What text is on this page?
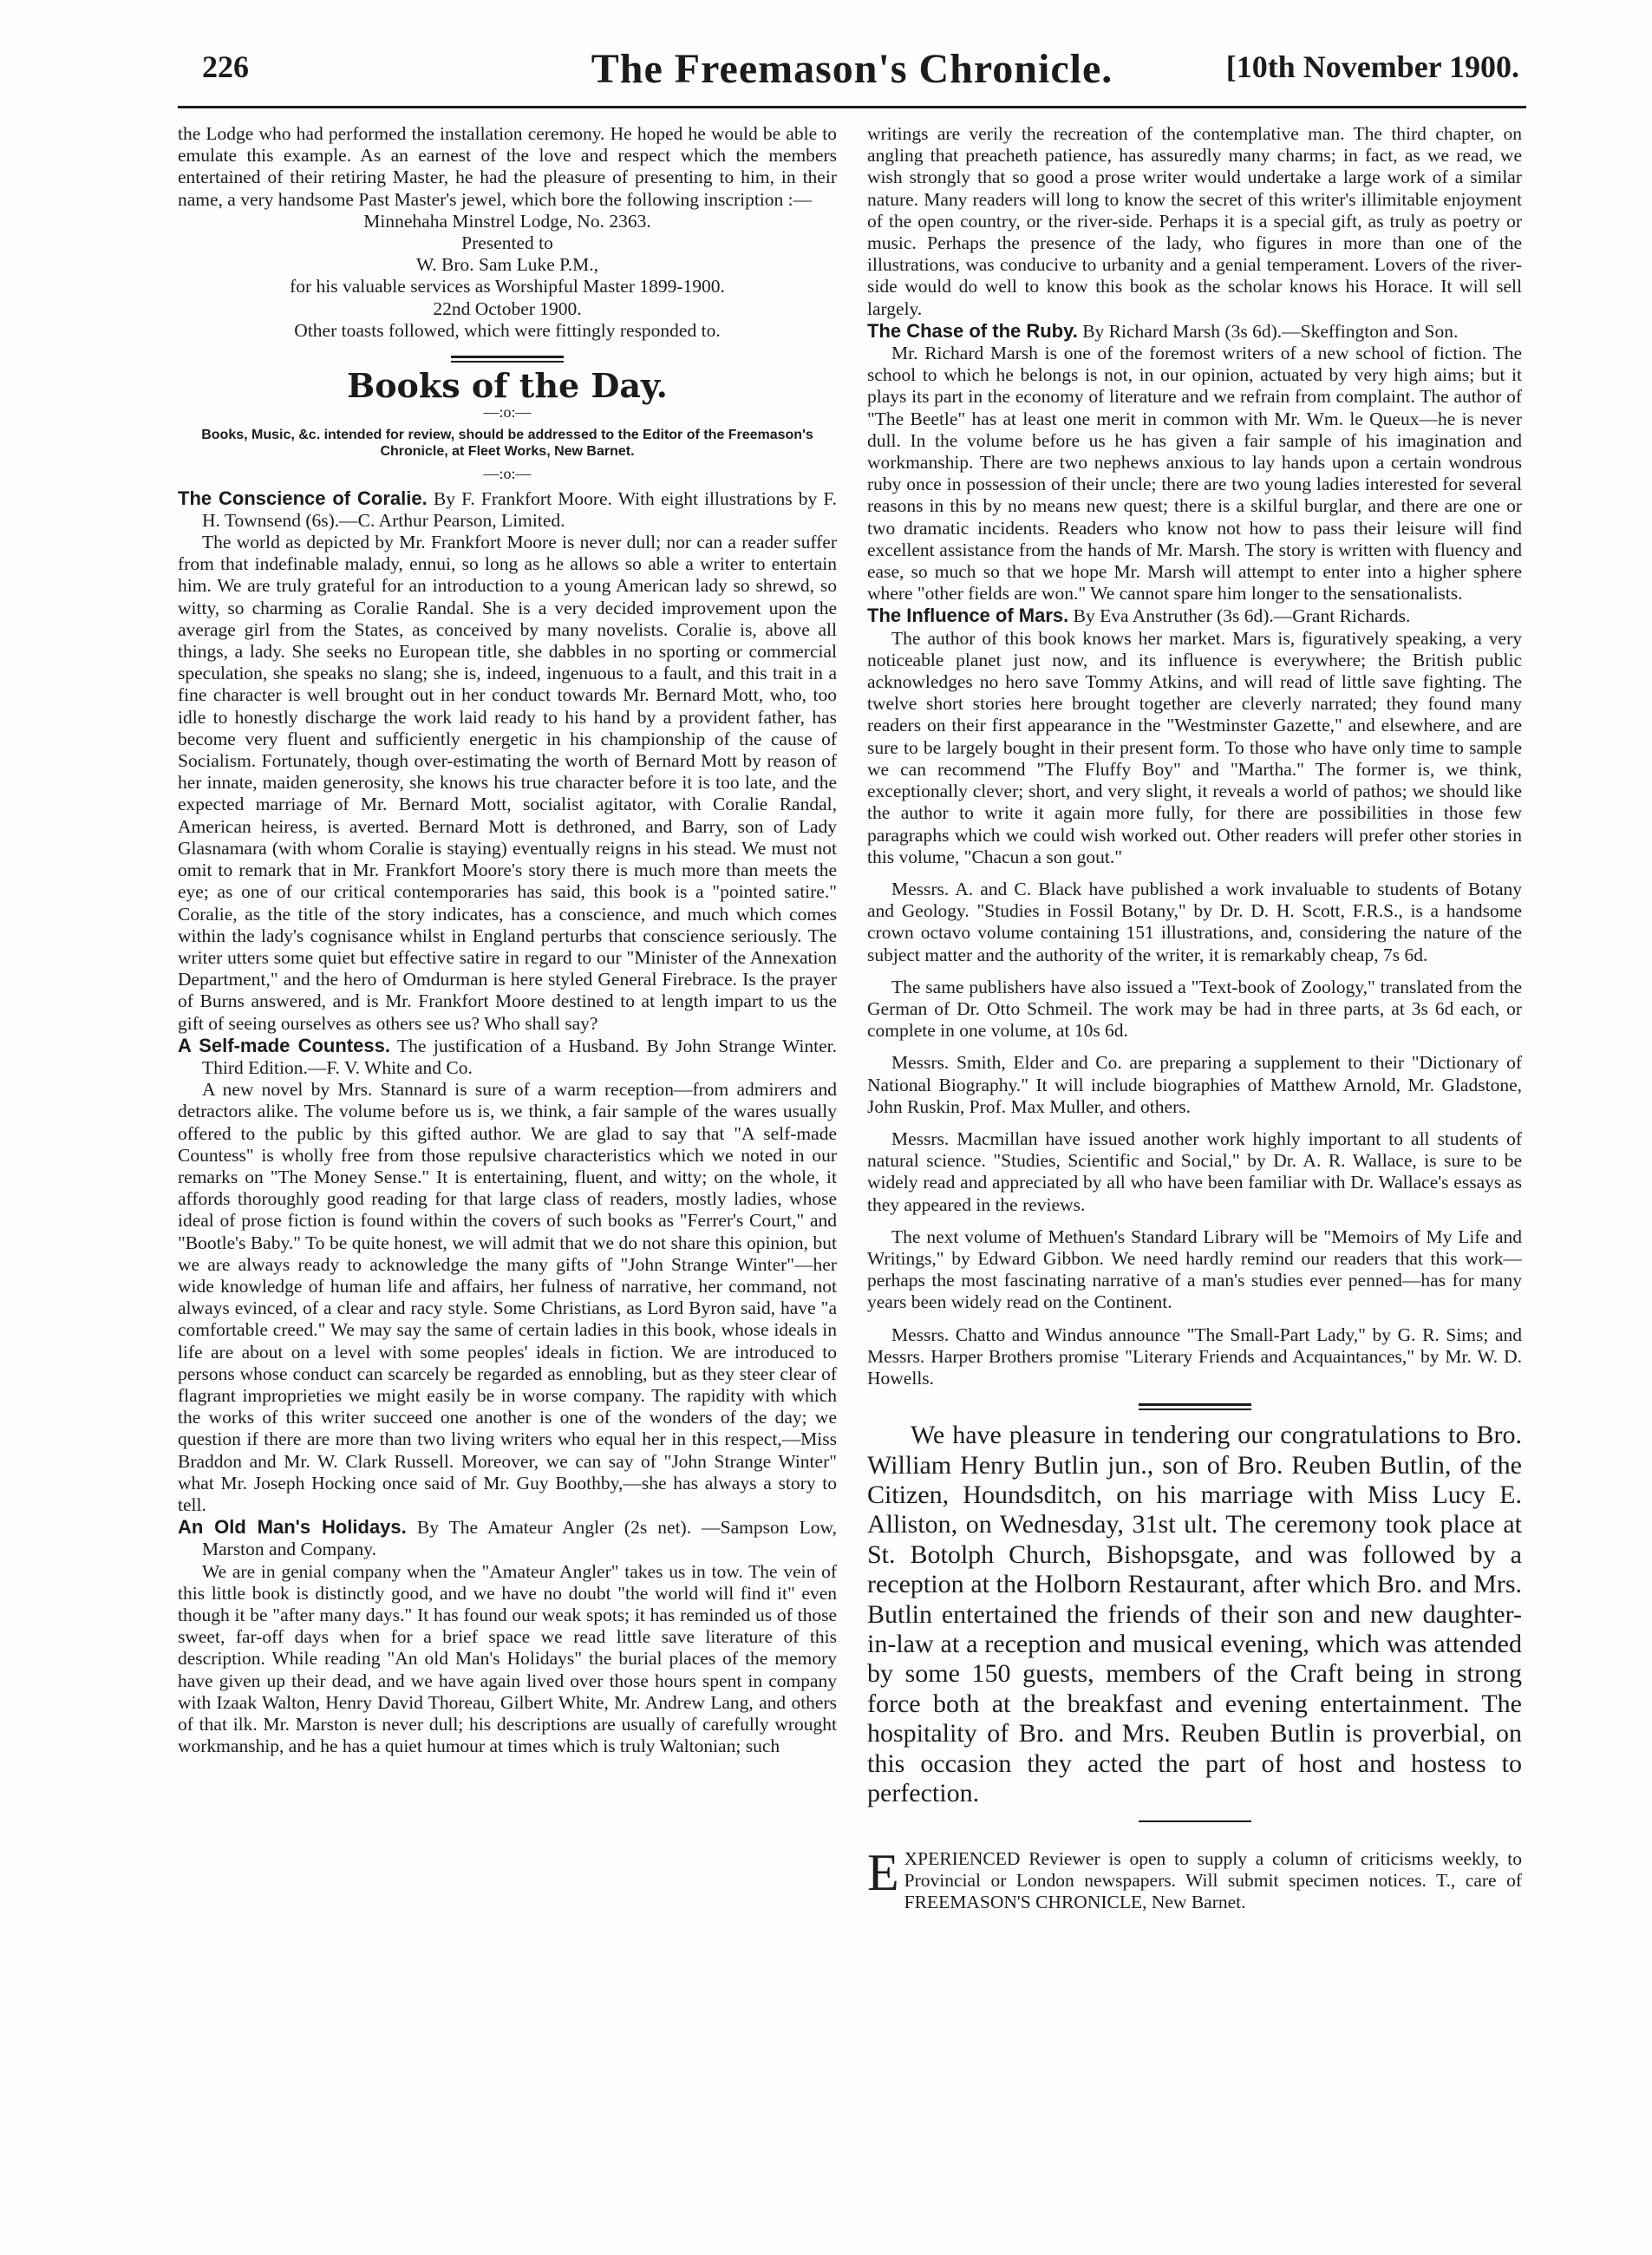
226	The Freemason's Chronicle.	[10th November 1900.

the Lodge who had performed the installation ceremony. He hoped he would be able to emulate this example. As an earnest of the love and respect which the members entertained of their retiring Master, he had the pleasure of presenting to him, in their name, a very handsome Past Master's jewel, which bore the following inscription :—

Minnehaha Minstrel Lodge, No. 2363.

Presented to

W. Bro. Sam Luke P.M.,

for his valuable services as Worshipful Master 1899-1900.

22nd October 1900.

Other toasts followed, which were fittingly responded to.

Books of the Day.
—:o:—
Books, Music, &c. intended for review, should be addressed to the Editor of the Freemason's Chronicle, at Fleet Works, New Barnet.
—:o:—

The Conscience of Coralie. By F. Frankfort Moore. With eight illustrations by F. H. Townsend (6s).—C. Arthur Pearson, Limited.

The world as depicted by Mr. Frankfort Moore is never dull; nor can a reader suffer from that indefinable malady, ennui, so long as he allows so able a writer to entertain him. We are truly grateful for an introduction to a young American lady so shrewd, so witty, so charming as Coralie Randal. She is a very decided improvement upon the average girl from the States, as conceived by many novelists. Coralie is, above all things, a lady. She seeks no European title, she dabbles in no sporting or commercial speculation, she speaks no slang; she is, indeed, ingenuous to a fault, and this trait in a fine character is well brought out in her conduct towards Mr. Bernard Mott, who, too idle to honestly discharge the work laid ready to his hand by a provident father, has become very fluent and sufficiently energetic in his championship of the cause of Socialism. Fortunately, though over-estimating the worth of Bernard Mott by reason of her innate, maiden generosity, she knows his true character before it is too late, and the expected marriage of Mr. Bernard Mott, socialist agitator, with Coralie Randal, American heiress, is averted. Bernard Mott is dethroned, and Barry, son of Lady Glasnamara (with whom Coralie is staying) eventually reigns in his stead. We must not omit to remark that in Mr. Frankfort Moore's story there is much more than meets the eye; as one of our critical contemporaries has said, this book is a "pointed satire." Coralie, as the title of the story indicates, has a conscience, and much which comes within the lady's cognisance whilst in England perturbs that conscience seriously. The writer utters some quiet but effective satire in regard to our "Minister of the Annexation Department," and the hero of Omdurman is here styled General Firebrace. Is the prayer of Burns answered, and is Mr. Frankfort Moore destined to at length impart to us the gift of seeing ourselves as others see us? Who shall say?

A Self-made Countess. The justification of a Husband. By John Strange Winter. Third Edition.—F. V. White and Co.

A new novel by Mrs. Stannard is sure of a warm reception—from admirers and detractors alike. The volume before us is, we think, a fair sample of the wares usually offered to the public by this gifted author. We are glad to say that "A self-made Countess" is wholly free from those repulsive characteristics which we noted in our remarks on "The Money Sense." It is entertaining, fluent, and witty; on the whole, it affords thoroughly good reading for that large class of readers, mostly ladies, whose ideal of prose fiction is found within the covers of such books as "Ferrer's Court," and "Bootle's Baby." To be quite honest, we will admit that we do not share this opinion, but we are always ready to acknowledge the many gifts of "John Strange Winter"—her wide knowledge of human life and affairs, her fulness of narrative, her command, not always evinced, of a clear and racy style. Some Christians, as Lord Byron said, have "a comfortable creed." We may say the same of certain ladies in this book, whose ideals in life are about on a level with some peoples' ideals in fiction. We are introduced to persons whose conduct can scarcely be regarded as ennobling, but as they steer clear of flagrant improprieties we might easily be in worse company. The rapidity with which the works of this writer succeed one another is one of the wonders of the day; we question if there are more than two living writers who equal her in this respect,—Miss Braddon and Mr. W. Clark Russell. Moreover, we can say of "John Strange Winter" what Mr. Joseph Hocking once said of Mr. Guy Boothby,—she has always a story to tell.

An Old Man's Holidays. By The Amateur Angler (2s net). —Sampson Low, Marston and Company.

We are in genial company when the "Amateur Angler" takes us in tow. The vein of this little book is distinctly good, and we have no doubt "the world will find it" even though it be "after many days." It has found our weak spots; it has reminded us of those sweet, far-off days when for a brief space we read little save literature of this description. While reading "An old Man's Holidays" the burial places of the memory have given up their dead, and we have again lived over those hours spent in company with Izaak Walton, Henry David Thoreau, Gilbert White, Mr. Andrew Lang, and others of that ilk. Mr. Marston is never dull; his descriptions are usually of carefully wrought workmanship, and he has a quiet humour at times which is truly Waltonian; such

writings are verily the recreation of the contemplative man. The third chapter, on angling that preacheth patience, has assuredly many charms; in fact, as we read, we wish strongly that so good a prose writer would undertake a large work of a similar nature. Many readers will long to know the secret of this writer's illimitable enjoyment of the open country, or the river-side. Perhaps it is a special gift, as truly as poetry or music. Perhaps the presence of the lady, who figures in more than one of the illustrations, was conducive to urbanity and a genial temperament. Lovers of the river-side would do well to know this book as the scholar knows his Horace. It will sell largely.

The Chase of the Ruby. By Richard Marsh (3s 6d).—Skeffington and Son.

Mr. Richard Marsh is one of the foremost writers of a new school of fiction. The school to which he belongs is not, in our opinion, actuated by very high aims; but it plays its part in the economy of literature and we refrain from complaint. The author of "The Beetle" has at least one merit in common with Mr. Wm. le Queux—he is never dull. In the volume before us he has given a fair sample of his imagination and workmanship. There are two nephews anxious to lay hands upon a certain wondrous ruby once in possession of their uncle; there are two young ladies interested for several reasons in this by no means new quest; there is a skilful burglar, and there are one or two dramatic incidents. Readers who know not how to pass their leisure will find excellent assistance from the hands of Mr. Marsh. The story is written with fluency and ease, so much so that we hope Mr. Marsh will attempt to enter into a higher sphere where "other fields are won." We cannot spare him longer to the sensationalists.

The Influence of Mars. By Eva Anstruther (3s 6d).—Grant Richards.

The author of this book knows her market. Mars is, figuratively speaking, a very noticeable planet just now, and its influence is everywhere; the British public acknowledges no hero save Tommy Atkins, and will read of little save fighting. The twelve short stories here brought together are cleverly narrated; they found many readers on their first appearance in the "Westminster Gazette," and elsewhere, and are sure to be largely bought in their present form. To those who have only time to sample we can recommend "The Fluffy Boy" and "Martha." The former is, we think, exceptionally clever; short, and very slight, it reveals a world of pathos; we should like the author to write it again more fully, for there are possibilities in those few paragraphs which we could wish worked out. Other readers will prefer other stories in this volume, "Chacun a son gout."

Messrs. A. and C. Black have published a work invaluable to students of Botany and Geology. "Studies in Fossil Botany," by Dr. D. H. Scott, F.R.S., is a handsome crown octavo volume containing 151 illustrations, and, considering the nature of the subject matter and the authority of the writer, it is remarkably cheap, 7s 6d.

The same publishers have also issued a "Text-book of Zoology," translated from the German of Dr. Otto Schmeil. The work may be had in three parts, at 3s 6d each, or complete in one volume, at 10s 6d.

Messrs. Smith, Elder and Co. are preparing a supplement to their "Dictionary of National Biography." It will include biographies of Matthew Arnold, Mr. Gladstone, John Ruskin, Prof. Max Muller, and others.

Messrs. Macmillan have issued another work highly important to all students of natural science. "Studies, Scientific and Social," by Dr. A. R. Wallace, is sure to be widely read and appreciated by all who have been familiar with Dr. Wallace's essays as they appeared in the reviews.

The next volume of Methuen's Standard Library will be "Memoirs of My Life and Writings," by Edward Gibbon. We need hardly remind our readers that this work—perhaps the most fascinating narrative of a man's studies ever penned—has for many years been widely read on the Continent.

Messrs. Chatto and Windus announce "The Small-Part Lady," by G. R. Sims; and Messrs. Harper Brothers promise "Literary Friends and Acquaintances," by Mr. W. D. Howells.

We have pleasure in tendering our congratulations to Bro. William Henry Butlin jun., son of Bro. Reuben Butlin, of the Citizen, Houndsditch, on his marriage with Miss Lucy E. Alliston, on Wednesday, 31st ult. The ceremony took place at St. Botolph Church, Bishopsgate, and was followed by a reception at the Holborn Restaurant, after which Bro. and Mrs. Butlin entertained the friends of their son and new daughter-in-law at a reception and musical evening, which was attended by some 150 guests, members of the Craft being in strong force both at the breakfast and evening entertainment. The hospitality of Bro. and Mrs. Reuben Butlin is proverbial, on this occasion they acted the part of host and hostess to perfection.

E XPERIENCED Reviewer is open to supply a column of criticisms weekly, to Provincial or London newspapers. Will submit specimen notices. T., care of FREEMASON'S CHRONICLE, New Barnet.
